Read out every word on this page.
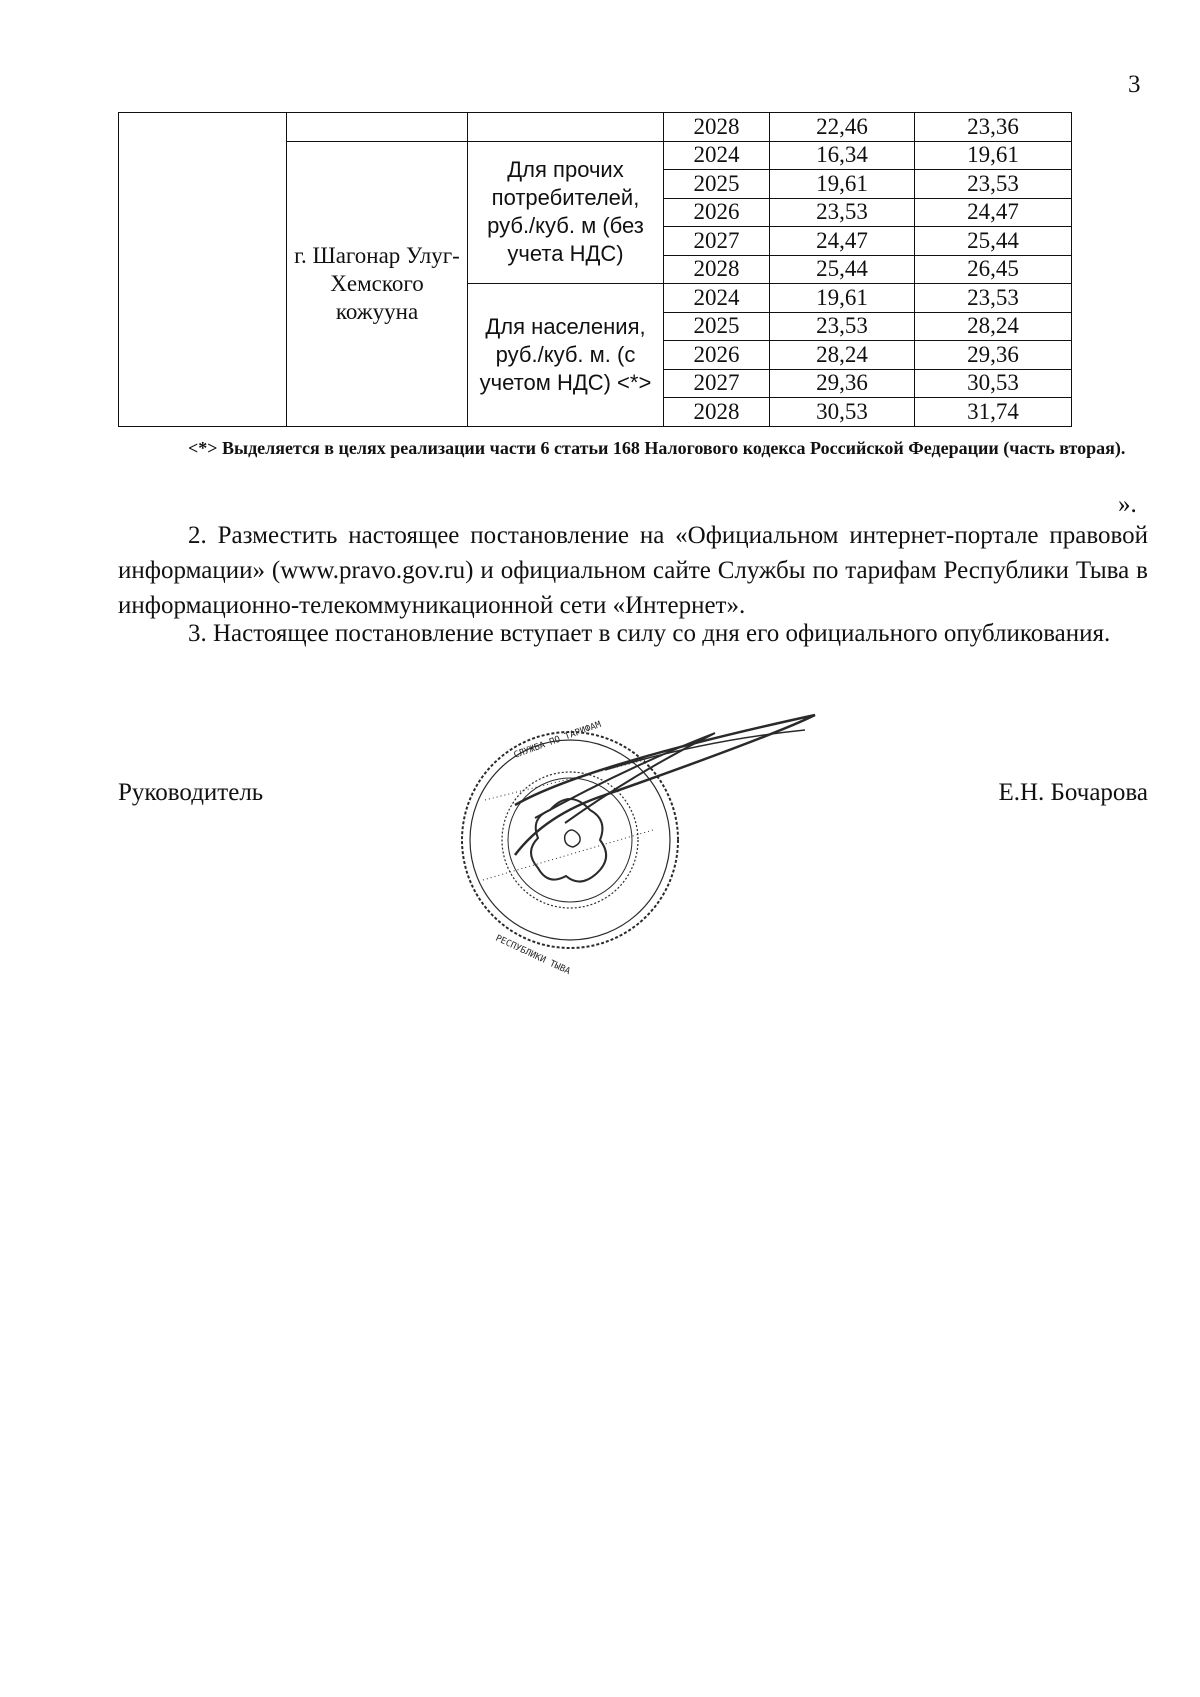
3
			2028	22,46	23,36
	г. Шагонар Улуг-Хемского кожууна	Для прочих потребителей, руб./куб. м (без учета НДС)	2024	16,34	19,61
			2025	19,61	23,53
			2026	23,53	24,47
			2027	24,47	25,44
			2028	25,44	26,45
		Для населения, руб./куб. м. (с учетом НДС) <*>	2024	19,61	23,53
			2025	23,53	28,24
			2026	28,24	29,36
			2027	29,36	30,53
			2028	30,53	31,74
<*> Выделяется в целях реализации части 6 статьи 168 Налогового кодекса Российской Федерации (часть вторая).
».
2. Разместить настоящее постановление на «Официальном интернет-портале правовой информации» (www.pravo.gov.ru) и официальном сайте Службы по тарифам Республики Тыва в информационно-телекоммуникационной сети «Интернет».
3. Настоящее постановление вступает в силу со дня его официального опубликования.
Руководитель	Е.Н. Бочарова
СЛУЖБА ПО ТАРИФАМ
РЕСПУБЛИКИ ТЫВА
